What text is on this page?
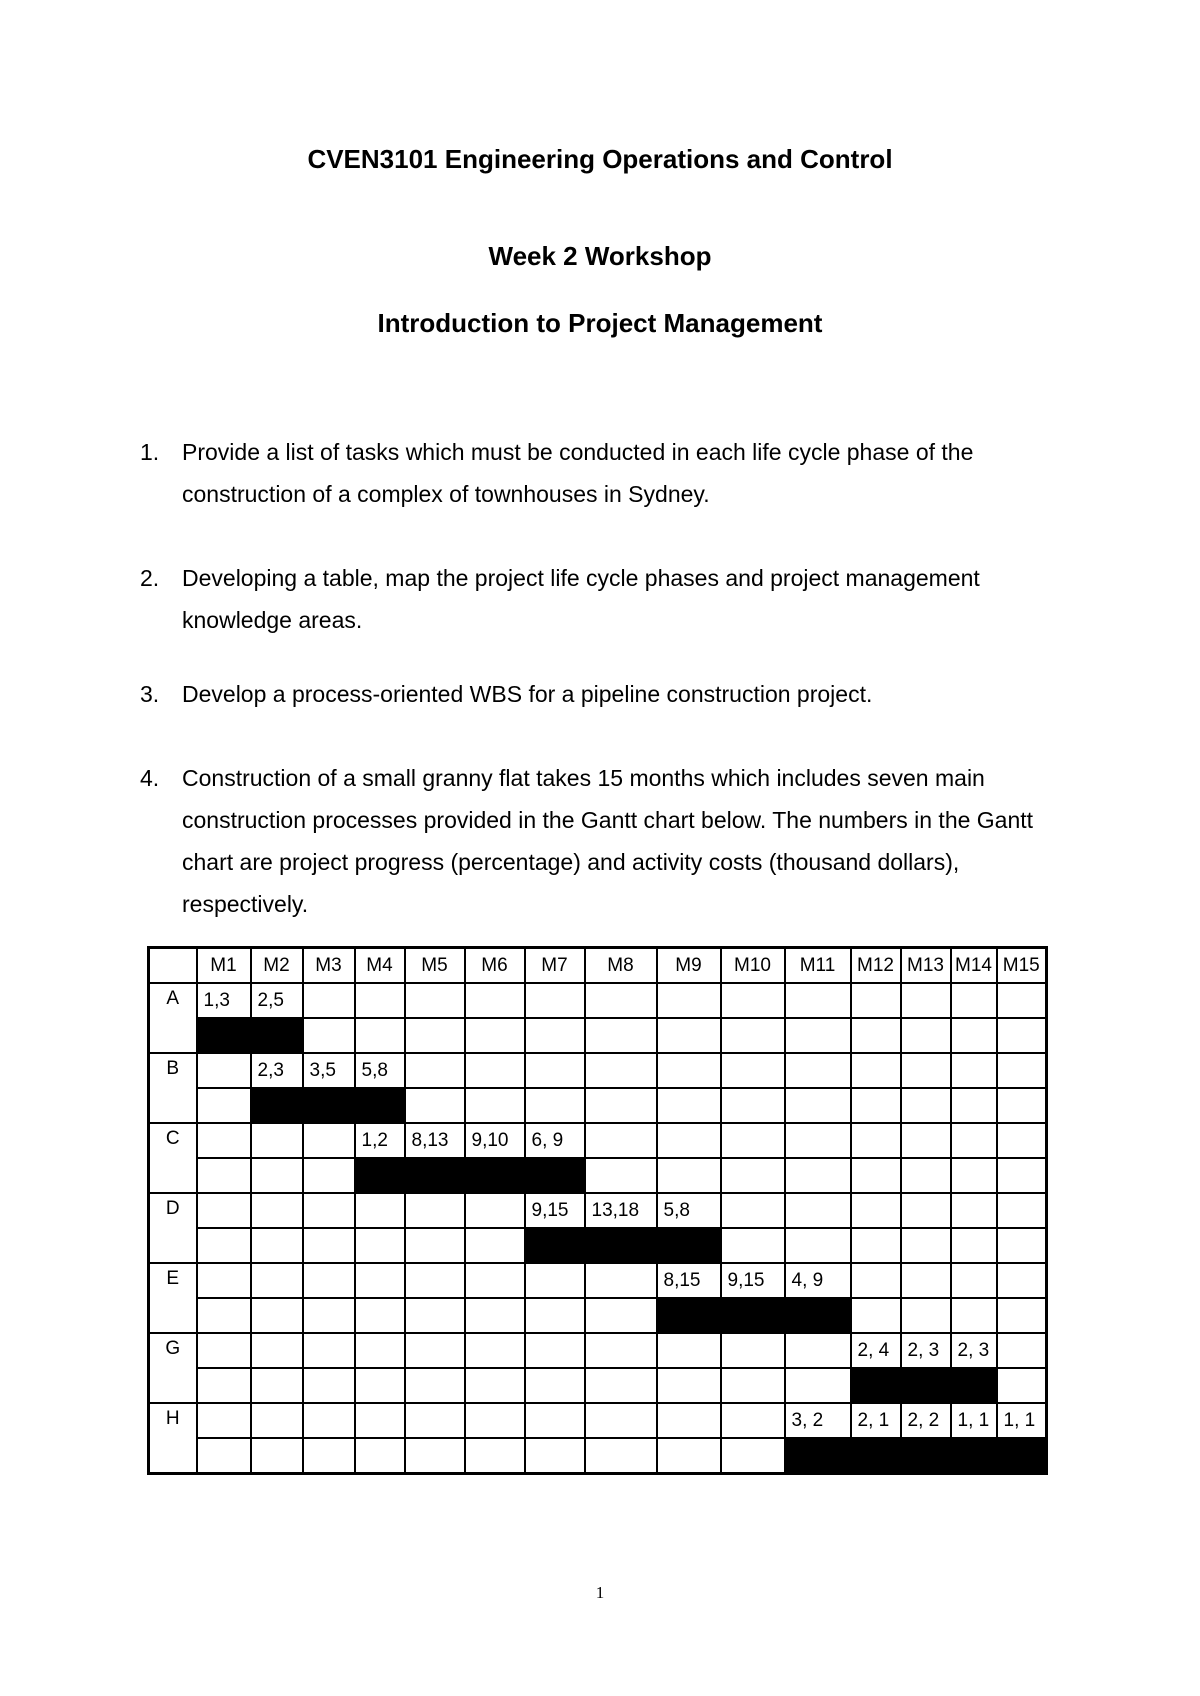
CVEN3101 Engineering Operations and Control
Week 2 Workshop
Introduction to Project Management
1. Provide a list of tasks which must be conducted in each life cycle phase of the construction of a complex of townhouses in Sydney.
2. Developing a table, map the project life cycle phases and project management knowledge areas.
3. Develop a process-oriented WBS for a pipeline construction project.
4. Construction of a small granny flat takes 15 months which includes seven main construction processes provided in the Gantt chart below. The numbers in the Gantt chart are project progress (percentage) and activity costs (thousand dollars), respectively.
	M1	M2	M3	M4	M5	M6	M7	M8	M9	M10	M11	M12	M13	M14	M15
A	1,3	2,5													

B		2,3	3,5	5,8											

C				1,2	8,13	9,10	6, 9								

D							9,15	13,18	5,8						

E									8,15	9,15	4, 9				

G												2, 4	2, 3	2, 3	

H											3, 2	2, 1	2, 2	1, 1	1, 1

1
